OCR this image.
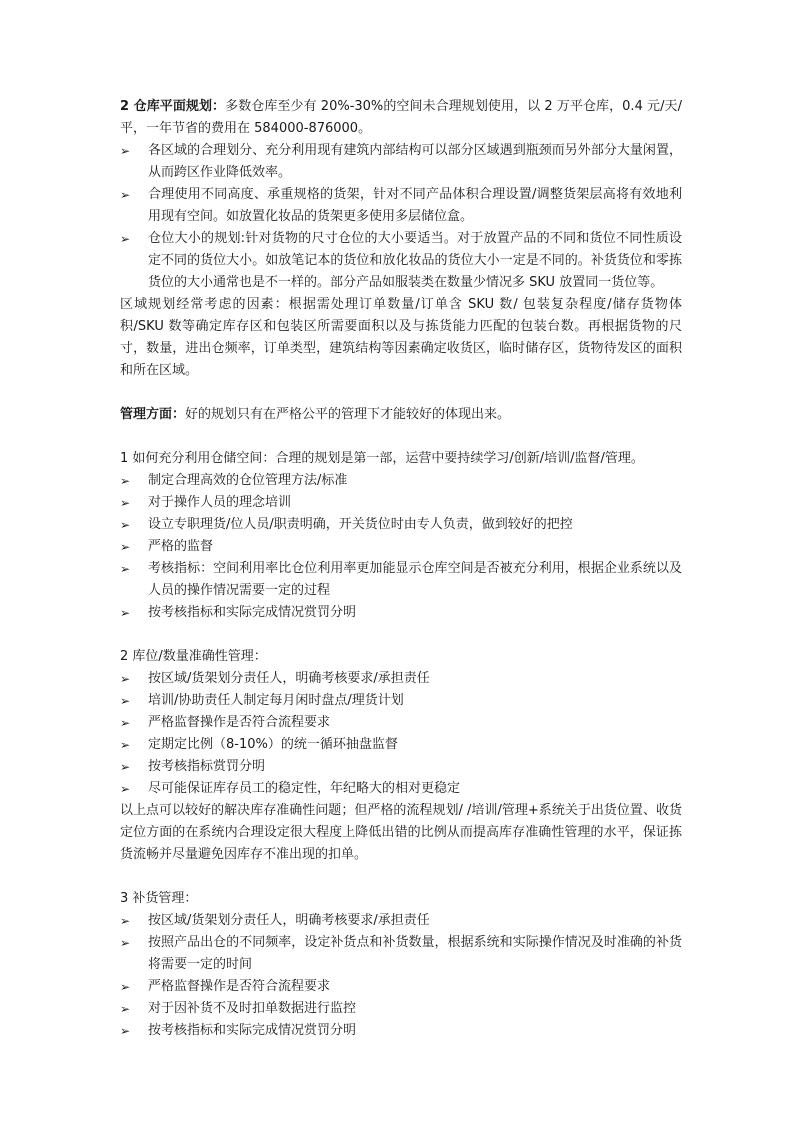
2 仓库平面规划：多数仓库至少有 20%-30%的空间未合理规划使用，以 2 万平仓库，0.4 元/天/平，一年节省的费用在 584000-876000。

➢	各区域的合理划分、充分利用现有建筑内部结构可以部分区域遇到瓶颈而另外部分大量闲置，从而跨区作业降低效率。
➢	合理使用不同高度、承重规格的货架，针对不同产品体积合理设置/调整货架层高将有效地利用现有空间。如放置化妆品的货架更多使用多层储位盒。
➢	仓位大小的规划:针对货物的尺寸仓位的大小要适当。对于放置产品的不同和货位不同性质设定不同的货位大小。如放笔记本的货位和放化妆品的货位大小一定是不同的。补货货位和零拣货位的大小通常也是不一样的。部分产品如服装类在数量少情况多 SKU 放置同一货位等。

区域规划经常考虑的因素：根据需处理订单数量/订单含 SKU 数/ 包装复杂程度/储存货物体积/SKU 数等确定库存区和包装区所需要面积以及与拣货能力匹配的包装台数。再根据货物的尺寸，数量，进出仓频率，订单类型，建筑结构等因素确定收货区，临时储存区，货物待发区的面积和所在区域。

管理方面：好的规划只有在严格公平的管理下才能较好的体现出来。

1 如何充分利用仓储空间：合理的规划是第一部，运营中要持续学习/创新/培训/监督/管理。

➢	制定合理高效的仓位管理方法/标准
➢	对于操作人员的理念培训
➢	设立专职理货/位人员/职责明确，开关货位时由专人负责，做到较好的把控
➢	严格的监督
➢	考核指标：空间利用率比仓位利用率更加能显示仓库空间是否被充分利用，根据企业系统以及人员的操作情况需要一定的过程
➢	按考核指标和实际完成情况赏罚分明

2 库位/数量准确性管理：

➢	按区域/货架划分责任人，明确考核要求/承担责任
➢	培训/协助责任人制定每月闲时盘点/理货计划
➢	严格监督操作是否符合流程要求
➢	定期定比例（8-10%）的统一循环抽盘监督
➢	按考核指标赏罚分明
➢	尽可能保证库存员工的稳定性，年纪略大的相对更稳定

以上点可以较好的解决库存准确性问题；但严格的流程规划/ /培训/管理+系统关于出货位置、收货定位方面的在系统内合理设定很大程度上降低出错的比例从而提高库存准确性管理的水平，保证拣货流畅并尽量避免因库存不准出现的扣单。

3 补货管理：

➢	按区域/货架划分责任人，明确考核要求/承担责任
➢	按照产品出仓的不同频率，设定补货点和补货数量，根据系统和实际操作情况及时准确的补货将需要一定的时间
➢	严格监督操作是否符合流程要求
➢	对于因补货不及时扣单数据进行监控
➢	按考核指标和实际完成情况赏罚分明
